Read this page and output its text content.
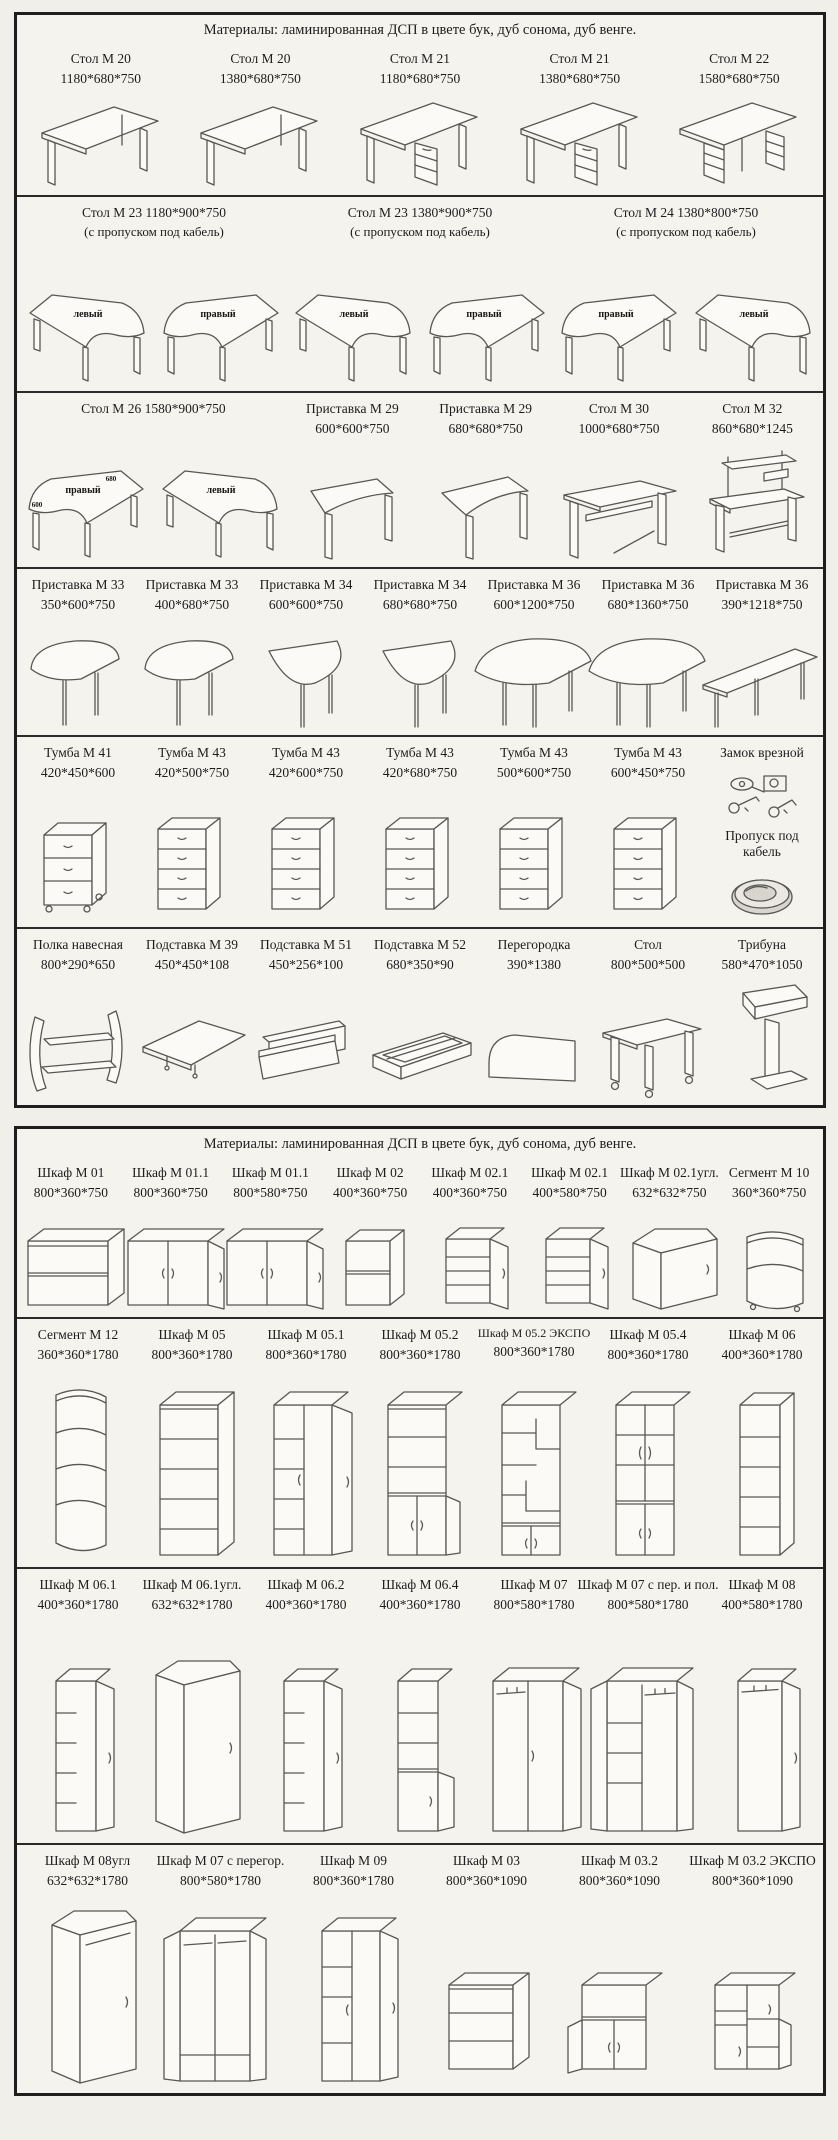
Материалы: ламинированная ДСП в цвете бук, дуб сонома, дуб венге.
Стол М 20
1180*680*750
Стол М 20
1380*680*750
Стол М 21
1180*680*750
Стол М 21
1380*680*750
Стол М 22
1580*680*750
Стол М 23 1180*900*750
(с пропуском под кабель)
левый	правый
Стол М 23 1380*900*750
(с пропуском под кабель)
левый	правый
Стол М 24 1380*800*750
(с пропуском под кабель)
правый	левый
Стол М 26 1580*900*750
правый
680
600
левый
Приставка М 29
600*600*750
Приставка М 29
680*680*750
Стол М 30
1000*680*750
Стол М 32
860*680*1245
Приставка М 33
350*600*750
Приставка М 33
400*680*750
Приставка М 34
600*600*750
Приставка М 34
680*680*750
Приставка М 36
600*1200*750
Приставка М 36
680*1360*750
Приставка М 36
390*1218*750
Тумба М 41
420*450*600
Тумба М 43
420*500*750
Тумба М 43
420*600*750
Тумба М 43
420*680*750
Тумба М 43
500*600*750
Тумба М 43
600*450*750
Замок врезной
Пропуск под кабель
Полка навесная
800*290*650
Подставка М 39
450*450*108
Подставка М 51
450*256*100
Подставка М 52
680*350*90
Перегородка
390*1380
Стол
800*500*500
Трибуна
580*470*1050
Материалы: ламинированная ДСП в цвете бук, дуб сонома, дуб венге.
Шкаф М 01
800*360*750
Шкаф М 01.1
800*360*750
Шкаф М 01.1
800*580*750
Шкаф М 02
400*360*750
Шкаф М 02.1
400*360*750
Шкаф М 02.1
400*580*750
Шкаф М 02.1угл.
632*632*750
Сегмент М 10
360*360*750
Сегмент М 12
360*360*1780
Шкаф М 05
800*360*1780
Шкаф М 05.1
800*360*1780
Шкаф М 05.2
800*360*1780
Шкаф М 05.2 ЭКСПО
800*360*1780
Шкаф М 05.4
800*360*1780
Шкаф М 06
400*360*1780
Шкаф М 06.1
400*360*1780
Шкаф М 06.1угл.
632*632*1780
Шкаф М 06.2
400*360*1780
Шкаф М 06.4
400*360*1780
Шкаф М 07
800*580*1780
Шкаф М 07 с пер. и пол.
800*580*1780
Шкаф М 08
400*580*1780
Шкаф М 08угл
632*632*1780
Шкаф М 07 с перегор.
800*580*1780
Шкаф М 09
800*360*1780
Шкаф М 03
800*360*1090
Шкаф М 03.2
800*360*1090
Шкаф М 03.2 ЭКСПО
800*360*1090
